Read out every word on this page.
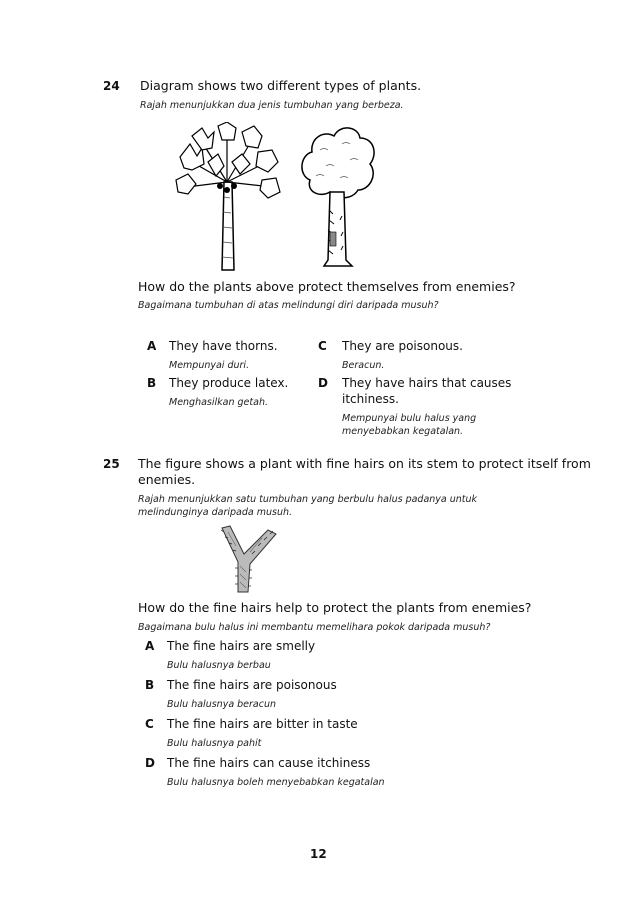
24 Diagram shows two different types of plants.
Rajah menunjukkan dua jenis tumbuhan yang berbeza.
How do the plants above protect themselves from enemies?
Bagaimana tumbuhan di atas melindungi diri daripada musuh?
A They have thorns.
Mempunyai duri.
B They produce latex.
Menghasilkan getah.
C They are poisonous.
Beracun.
D They have hairs that causes
itchiness.
Mempunyai bulu halus yang
menyebabkan kegatalan.
25 The figure shows a plant with fine hairs on its stem to protect itself from
enemies.
Rajah menunjukkan satu tumbuhan yang berbulu halus padanya untuk
melindunginya daripada musuh.
How do the fine hairs help to protect the plants from enemies?
Bagaimana bulu halus ini membantu memelihara pokok daripada musuh?
A The fine hairs are smelly
Bulu halusnya berbau
B The fine hairs are poisonous
Bulu halusnya beracun
C The fine hairs are bitter in taste
Bulu halusnya pahit
D The fine hairs can cause itchiness
Bulu halusnya boleh menyebabkan kegatalan
12
